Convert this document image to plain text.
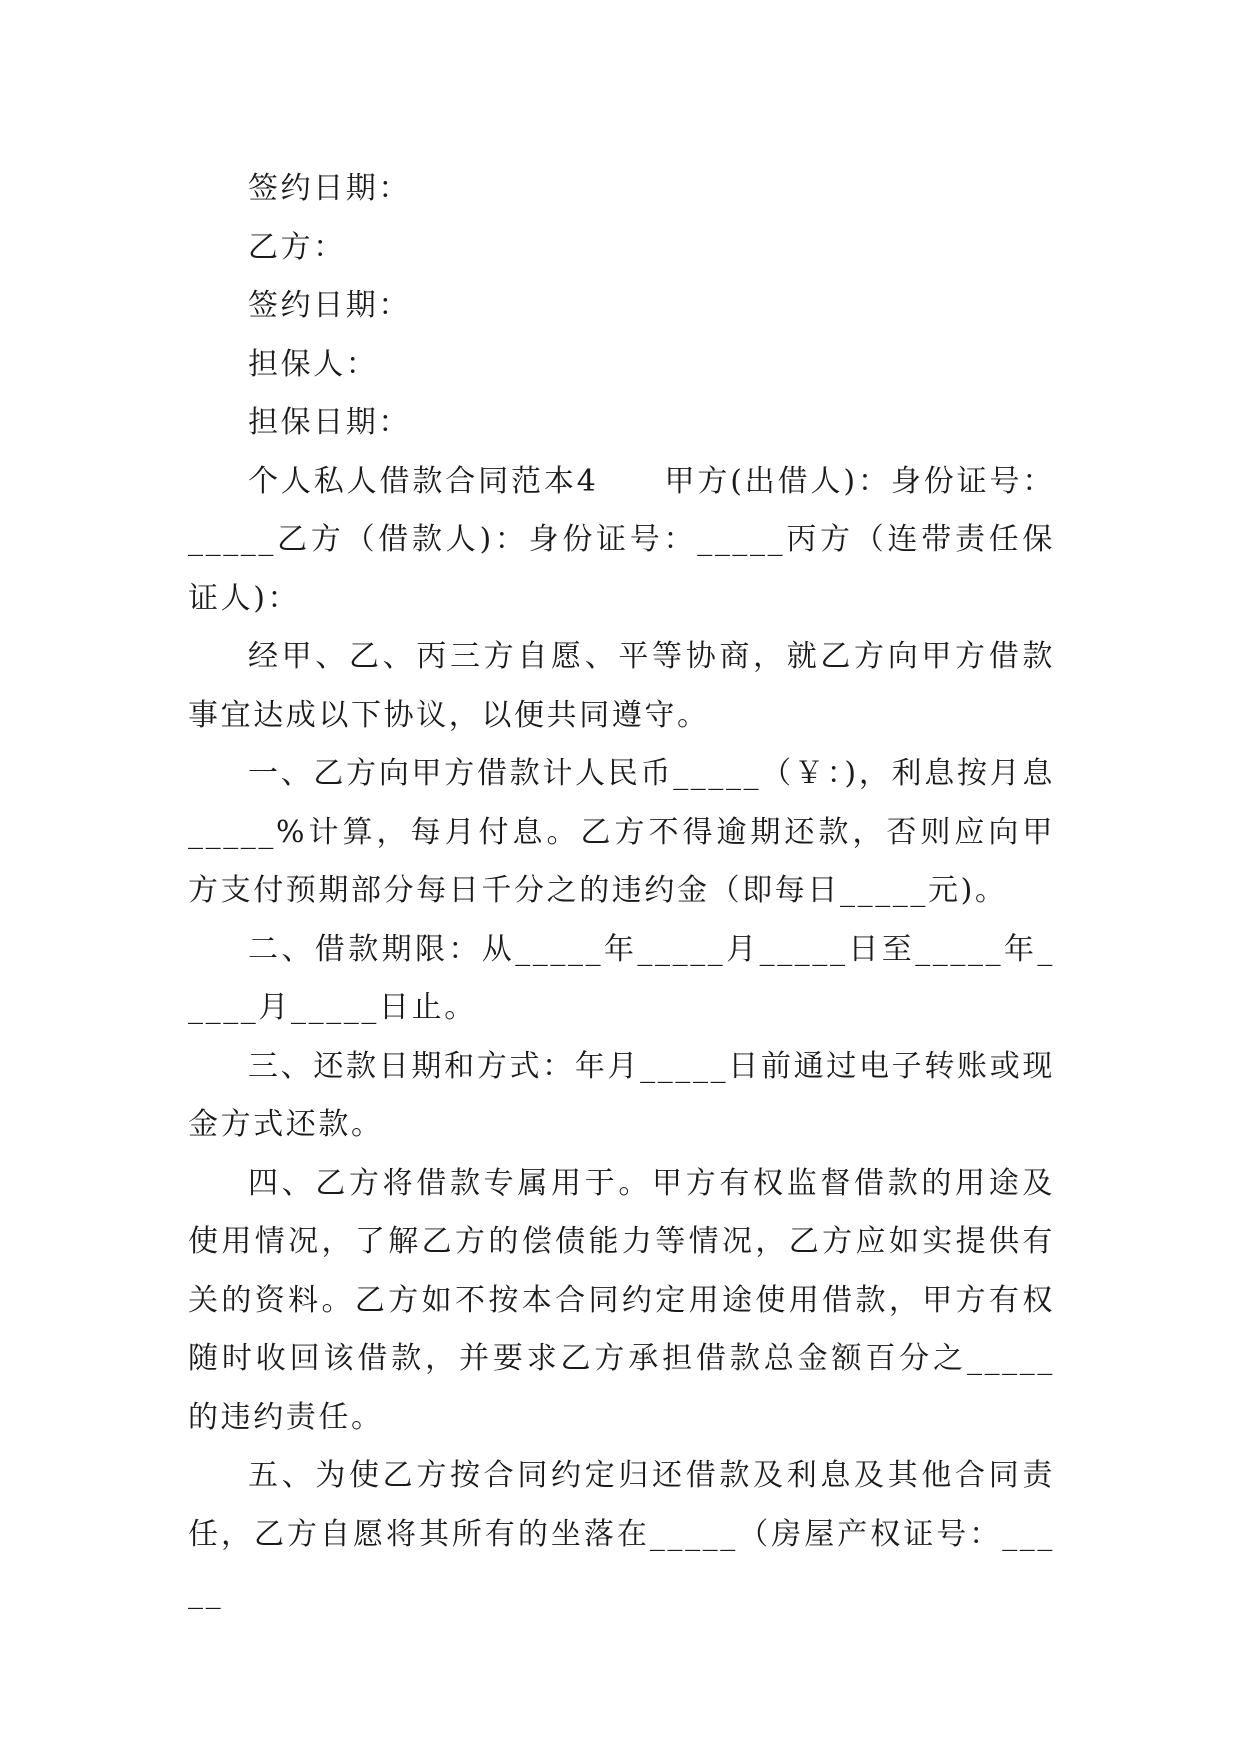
签约日期：

乙方：

签约日期：

担保人：

担保日期：

个人私人借款合同范本4　　甲方(出借人)：身份证号：_____乙方（借款人)：身份证号：_____丙方（连带责任保证人)：

经甲、乙、丙三方自愿、平等协商，就乙方向甲方借款事宜达成以下协议，以便共同遵守。

一、乙方向甲方借款计人民币_____（￥：)，利息按月息_____%计算，每月付息。乙方不得逾期还款，否则应向甲方支付预期部分每日千分之的违约金（即每日_____元)。

二、借款期限：从_____年_____月_____日至_____年_____月_____日止。

三、还款日期和方式：年月_____日前通过电子转账或现金方式还款。

四、乙方将借款专属用于。甲方有权监督借款的用途及使用情况，了解乙方的偿债能力等情况，乙方应如实提供有关的资料。乙方如不按本合同约定用途使用借款，甲方有权随时收回该借款，并要求乙方承担借款总金额百分之_____的违约责任。

五、为使乙方按合同约定归还借款及利息及其他合同责任，乙方自愿将其所有的坐落在_____（房屋产权证号：_____
